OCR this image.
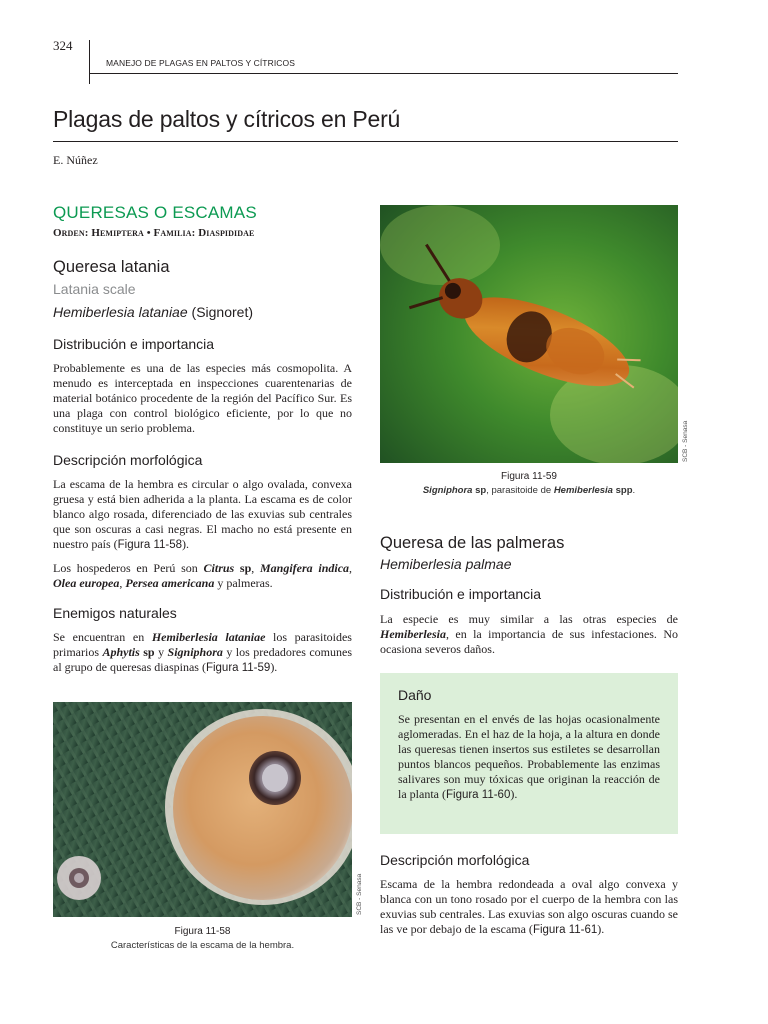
324
MANEJO DE PLAGAS EN PALTOS Y CÍTRICOS
Plagas de paltos y cítricos en Perú
E. Núñez
QUERESAS O ESCAMAS
Orden: Hemiptera • Familia: Diaspididae
Queresa latania
Latania scale
Hemiberlesia lataniae (Signoret)
Distribución e importancia
Probablemente es una de las especies más cosmopolita. A menudo es interceptada en inspecciones cuarentenarias de material botánico procedente de la región del Pacífico Sur. Es una plaga con control biológico eficiente, por lo que no constituye un serio problema.
Descripción morfológica
La escama de la hembra es circular o algo ovalada, convexa gruesa y está bien adherida a la planta. La escama es de color blanco algo rosada, diferenciado de las exuvias sub centrales que son oscuras a casi negras. El macho no está presente en nuestro país (Figura 11-58).
Los hospederos en Perú son Citrus sp, Mangifera indica, Olea europea, Persea americana y palmeras.
Enemigos naturales
Se encuentran en Hemiberlesia lataniae los parasitoides primarios Aphytis sp y Signiphora y los predadores comunes al grupo de queresas diaspinas (Figura 11-59).
SCB - Senasa
Figura 11-58
Características de la escama de la hembra.
SCB - Senasa
Figura 11-59
Signiphora sp, parasitoide de Hemiberlesia spp.
Queresa de las palmeras
Hemiberlesia palmae
Distribución e importancia
La especie es muy similar a las otras especies de Hemiberlesia, en la importancia de sus infestaciones. No ocasiona severos daños.
Daño
Se presentan en el envés de las hojas ocasionalmente aglomeradas. En el haz de la hoja, a la altura en donde las queresas tienen insertos sus estiletes se desarrollan puntos blancos pequeños. Probablemente las enzimas salivares son muy tóxicas que originan la reacción de la planta (Figura 11-60).
Descripción morfológica
Escama de la hembra redondeada a oval algo convexa y blanca con un tono rosado por el cuerpo de la hembra con las exuvias sub centrales. Las exuvias son algo oscuras cuando se las ve por debajo de la escama (Figura 11-61).
